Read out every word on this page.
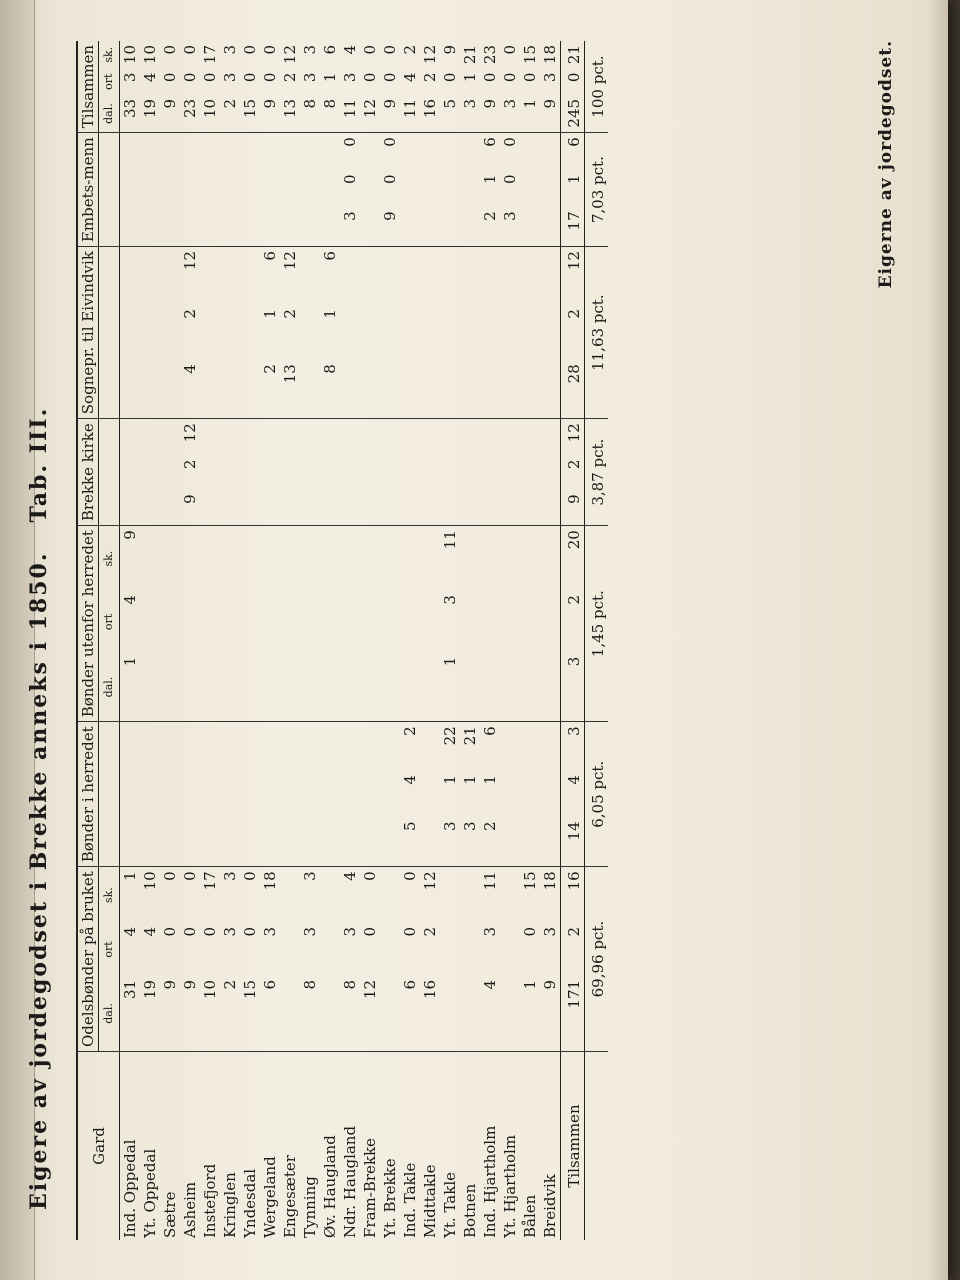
Eigere av jordegodset i Brekke anneks i 1850.   Tab. III.
Gard	Odelsbønder på bruket			Bønder i herredet			Bønder utenfor herredet			Brekke kirke			Sognepr. til Eivindvik			Embets-menn			Tilsammen		
	dal.	ort	sk.				dal.	ort	sk.										dal.	ort	sk.
Ind. Oppedal	31	4	1				1	4	9										33	3	10
Yt. Oppedal	19	4	10																19	4	10
Sætre	9	0	0																9	0	0
Asheim	9	0	0							9	2	12	4	2	12				23	0	0
Instefjord	10	0	17																10	0	17
Kringlen	2	3	3																2	3	3
Yndesdal	15	0	0																15	0	0
Wergeland	6	3	18										2	1	6				9	0	0
Engesæter													13	2	12				13	2	12
Tynning	8	3	3																8	3	3
Øv. Haugland													8	1	6				8	1	6
Ndr. Haugland	8	3	4													3	0	0	11	3	4
Fram-Brekke	12	0	0																12	0	0
Yt. Brekke																9	0	0	9	0	0
Ind. Takle	6	0	0	5	4	2													11	4	2
Midttakle	16	2	12																16	2	12
Yt. Takle				3	1	22	1	3	11										5	0	9
Botnen				3	1	21													3	1	21
Ind. Hjartholm	4	3	11	2	1	6										2	1	6	9	0	23
Yt. Hjartholm																3	0	0	3	0	0
Bålen	1	0	15																1	0	15
Breidvik	9	3	18																9	3	18
Tilsammen	171	2	16	14	4	3	3	2	20	9	2	12	28	2	12	17	1	6	245	0	21
	69,96 pct.			6,05 pct.			1,45 pct.			3,87 pct.			11,63 pct.			7,03 pct.			100 pct.			Eigerne av jordegodset.
